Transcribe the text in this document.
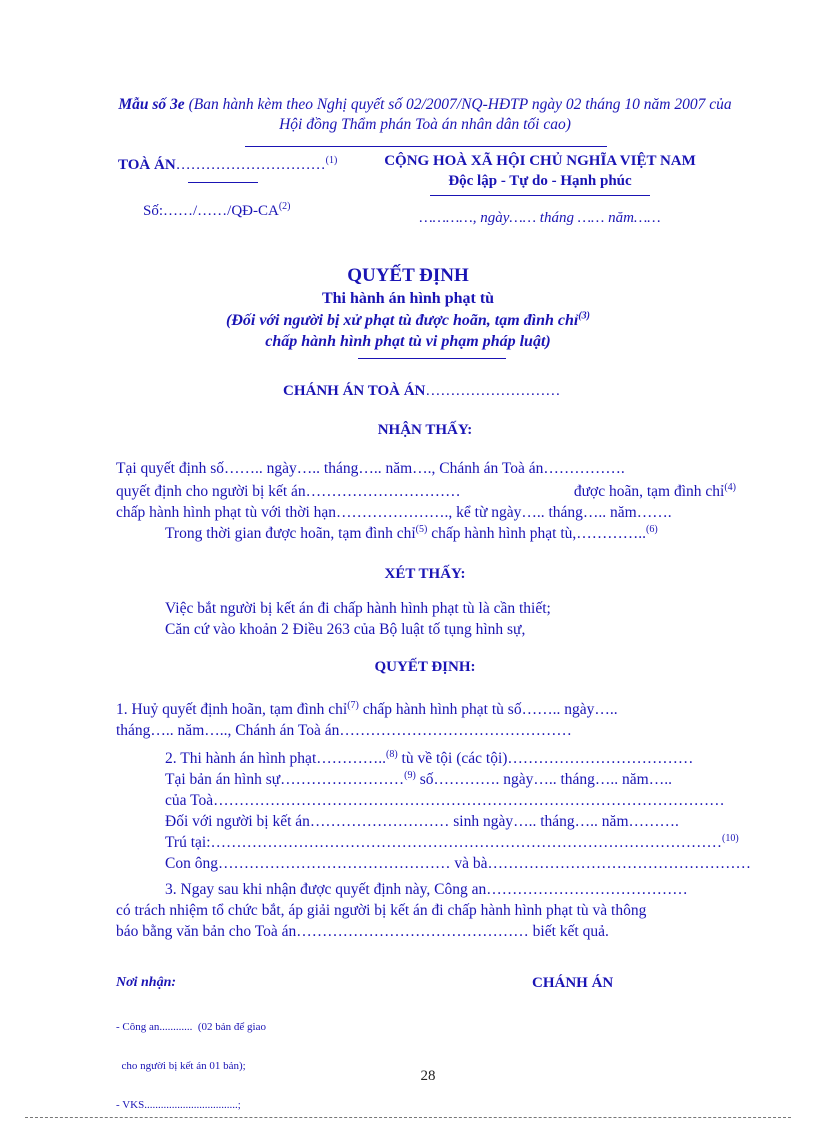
Mẫu số 3e (Ban hành kèm theo Nghị quyết số 02/2007/NQ-HĐTP ngày 02 tháng 10 năm 2007 của
Hội đồng Thẩm phán Toà án nhân dân tối cao)
TOÀ ÁN…………………………$^{(1)}$
Số:……/……/QĐ-CA$^{(2)}$
CỘNG HOÀ XÃ HỘI CHỦ NGHĨA VIỆT NAM
Độc lập - Tự do - Hạnh phúc
…………, ngày…… tháng …… năm……
QUYẾT ĐỊNH
Thi hành án hình phạt tù
(Đối với người bị xử phạt tù được hoãn, tạm đình chỉ$^{(3)}$
chấp hành hình phạt tù vi phạm pháp luật)
CHÁNH ÁN TOÀ ÁN………………………
NHẬN THẤY:
Tại quyết định số…….. ngày….. tháng….. năm…., Chánh án Toà án…………….
quyết định cho người bị kết án…………………………	được hoãn, tạm đình chỉ$^{(4)}$
chấp hành hình phạt tù với thời hạn…………………., kể từ ngày….. tháng….. năm…….
Trong thời gian được hoãn, tạm đình chỉ$^{(5)}$ chấp hành hình phạt tù,…………..$^{(6)}$
XÉT THẤY:
Việc bắt người bị kết án đi chấp hành hình phạt tù là cần thiết;
Căn cứ vào khoản 2 Điều 263 của Bộ luật tố tụng hình sự,
QUYẾT ĐỊNH:
1. Huỷ quyết định hoãn, tạm đình chỉ$^{(7)}$ chấp hành hình phạt tù số…….. ngày…..
tháng….. năm….., Chánh án Toà án………………………………………
2. Thi hành án hình phạt…………..$^{(8)}$ tù về tội (các tội)………………………………
Tại bản án hình sự……………………$^{(9)}$ số…………. ngày….. tháng….. năm…..
của Toà………………………………………………………………………………………
Đối với người bị kết án……………………… sinh ngày….. tháng….. năm……….
Trú tại:………………………………………………………………………………………$^{(10)}$
Con ông……………………………………… và bà……………………………………………
3. Ngay sau khi nhận được quyết định này, Công an…………………………………
có trách nhiệm tổ chức bắt, áp giải người bị kết án đi chấp hành hình phạt tù và thông
báo bằng văn bản cho Toà án……………………………………… biết kết quả.
Nơi nhận:

- Công an............  (02 bản để giao

cho người bị kết án 01 bản);

- VKS..................................;

CHÁNH ÁN
28
